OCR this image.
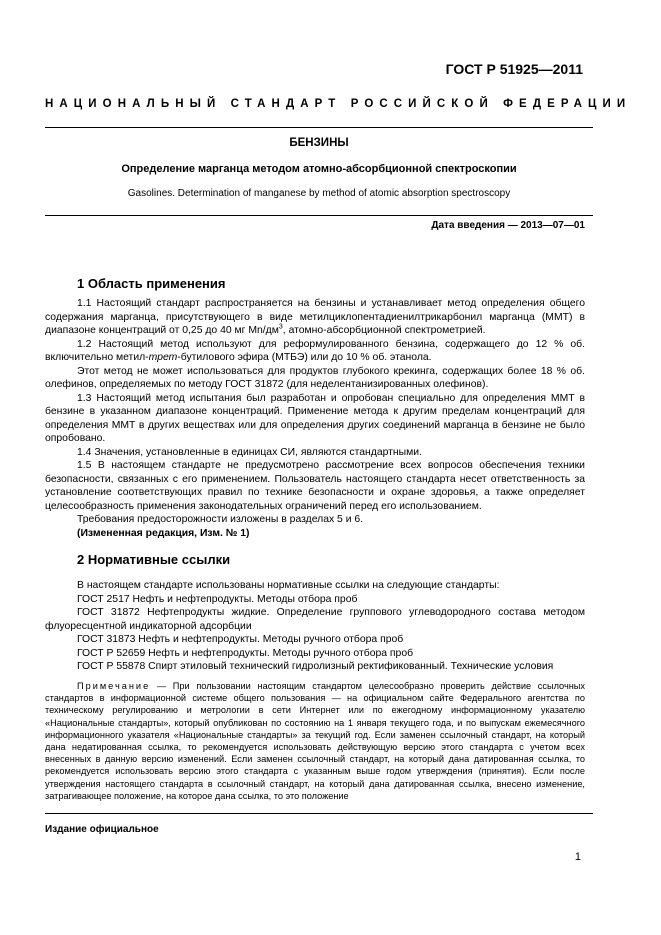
ГОСТ Р 51925—2011
НАЦИОНАЛЬНЫЙ СТАНДАРТ РОССИЙСКОЙ ФЕДЕРАЦИИ
БЕНЗИНЫ
Определение марганца методом атомно-абсорбционной спектроскопии
Gasolines. Determination of manganese by method of atomic absorption spectroscopy
Дата введения — 2013—07—01
1 Область применения

1.1 Настоящий стандарт распространяется на бензины и устанавливает метод определения общего содержания марганца, присутствующего в виде метилциклопентадиенилтрикарбонил марганца (ММТ) в диапазоне концентраций от 0,25 до 40 мг $Mn/дм^3$, атомно-абсорбционной спектрометрией.

1.2 Настоящий метод используют для реформулированного бензина, содержащего до 12 % об. включительно метил-трет-бутилового эфира (МТБЭ) или до 10 % об. этанола.

Этот метод не может использоваться для продуктов глубокого крекинга, содержащих более 18 % об. олефинов, определяемых по методу ГОСТ 31872 (для неделентанизированных олефинов).

1.3 Настоящий метод испытания был разработан и опробован специально для определения ММТ в бензине в указанном диапазоне концентраций. Применение метода к другим пределам концентраций для определения ММТ в других веществах или для определения других соединений марганца в бензине не было опробовано.

1.4 Значения, установленные в единицах СИ, являются стандартными.

1.5 В настоящем стандарте не предусмотрено рассмотрение всех вопросов обеспечения техники безопасности, связанных с его применением. Пользователь настоящего стандарта несет ответственность за установление соответствующих правил по технике безопасности и охране здоровья, а также определяет целесообразность применения законодательных ограничений перед его использованием.

Требования предосторожности изложены в разделах 5 и 6.

(Измененная редакция, Изм. № 1)

2 Нормативные ссылки

В настоящем стандарте использованы нормативные ссылки на следующие стандарты:

ГОСТ 2517 Нефть и нефтепродукты. Методы отбора проб

ГОСТ 31872 Нефтепродукты жидкие. Определение группового углеводородного состава методом флуоресцентной индикаторной адсорбции

ГОСТ 31873 Нефть и нефтепродукты. Методы ручного отбора проб

ГОСТ Р 52659 Нефть и нефтепродукты. Методы ручного отбора проб

ГОСТ Р 55878 Спирт этиловый технический гидролизный ректификованный. Технические условия

Примечание — При пользовании настоящим стандартом целесообразно проверить действие ссылочных стандартов в информационной системе общего пользования — на официальном сайте Федерального агентства по техническому регулированию и метрологии в сети Интернет или по ежегодному информационному указателю «Национальные стандарты», который опубликован по состоянию на 1 января текущего года, и по выпускам ежемесячного информационного указателя «Национальные стандарты» за текущий год. Если заменен ссылочный стандарт, на который дана недатированная ссылка, то рекомендуется использовать действующую версию этого стандарта с учетом всех внесенных в данную версию изменений. Если заменен ссылочный стандарт, на который дана датированная ссылка, то рекомендуется использовать версию этого стандарта с указанным выше годом утверждения (принятия). Если после утверждения настоящего стандарта в ссылочный стандарт, на который дана датированная ссылка, внесено изменение, затрагивающее положение, на которое дана ссылка, то это положение
Издание официальное
1
